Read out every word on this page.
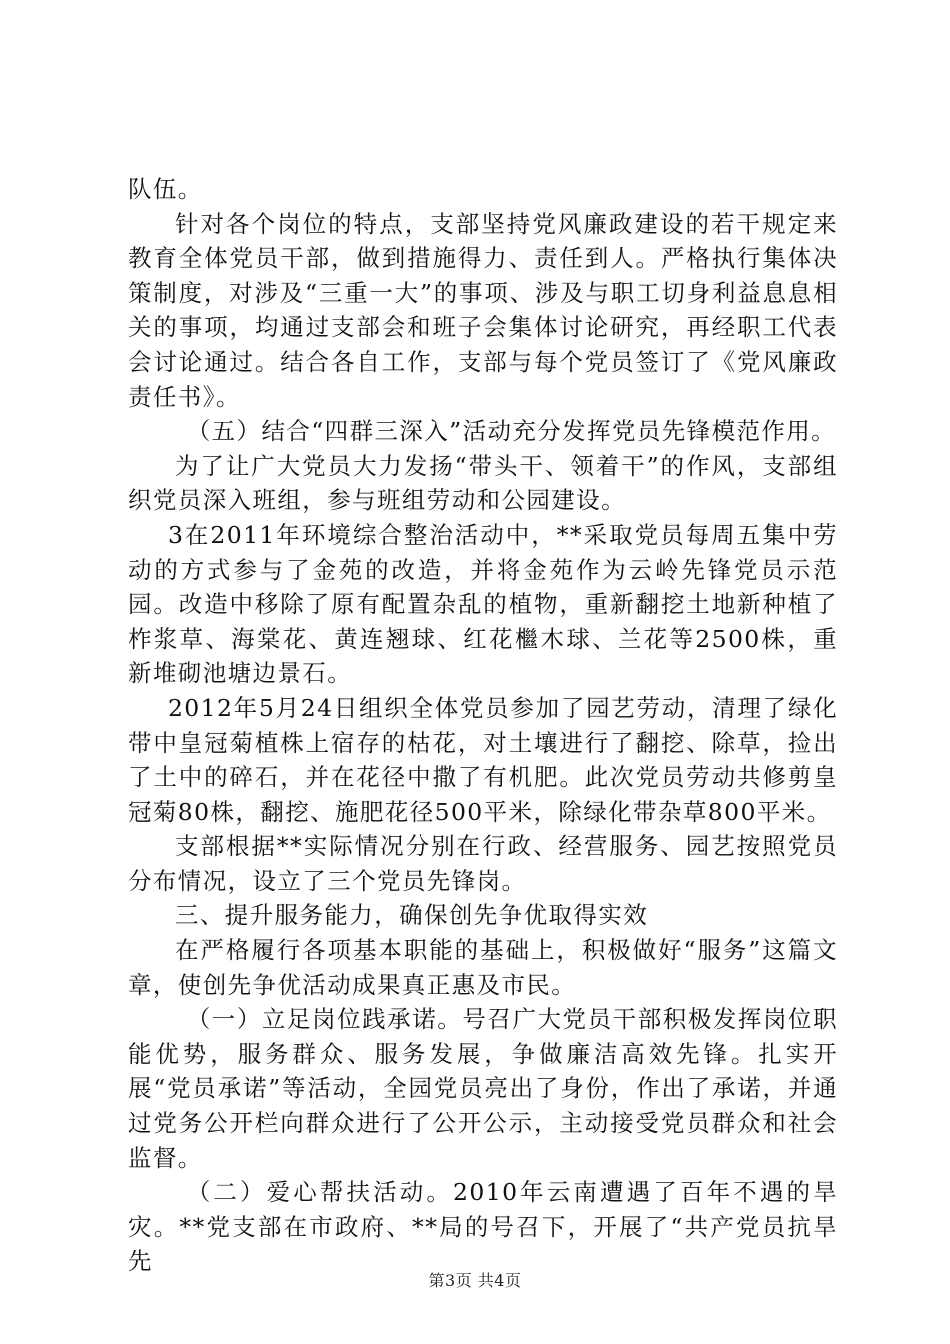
队伍。

针对各个岗位的特点，支部坚持党风廉政建设的若干规定来教育全体党员干部，做到措施得力、责任到人。严格执行集体决策制度，对涉及“三重一大”的事项、涉及与职工切身利益息息相关的事项，均通过支部会和班子会集体讨论研究，再经职工代表会讨论通过。结合各自工作，支部与每个党员签订了《党风廉政责任书》。

（五）结合“四群三深入”活动充分发挥党员先锋模范作用。

为了让广大党员大力发扬“带头干、领着干”的作风，支部组织党员深入班组，参与班组劳动和公园建设。

3在2011年环境综合整治活动中，**采取党员每周五集中劳动的方式参与了金苑的改造，并将金苑作为云岭先锋党员示范园。改造中移除了原有配置杂乱的植物，重新翻挖土地新种植了柞浆草、海棠花、黄连翘球、红花檵木球、兰花等2500株，重新堆砌池塘边景石。

2012年5月24日组织全体党员参加了园艺劳动，清理了绿化带中皇冠菊植株上宿存的枯花，对土壤进行了翻挖、除草，捡出了土中的碎石，并在花径中撒了有机肥。此次党员劳动共修剪皇冠菊80株，翻挖、施肥花径500平米，除绿化带杂草800平米。

支部根据**实际情况分别在行政、经营服务、园艺按照党员分布情况，设立了三个党员先锋岗。

三、提升服务能力，确保创先争优取得实效

在严格履行各项基本职能的基础上，积极做好“服务”这篇文章，使创先争优活动成果真正惠及市民。

（一）立足岗位践承诺。号召广大党员干部积极发挥岗位职能优势，服务群众、服务发展，争做廉洁高效先锋。扎实开展“党员承诺”等活动，全园党员亮出了身份，作出了承诺，并通过党务公开栏向群众进行了公开公示，主动接受党员群众和社会监督。

（二）爱心帮扶活动。2010年云南遭遇了百年不遇的旱灾。**党支部在市政府、**局的号召下，开展了“共产党员抗旱先

第3页 共4页
